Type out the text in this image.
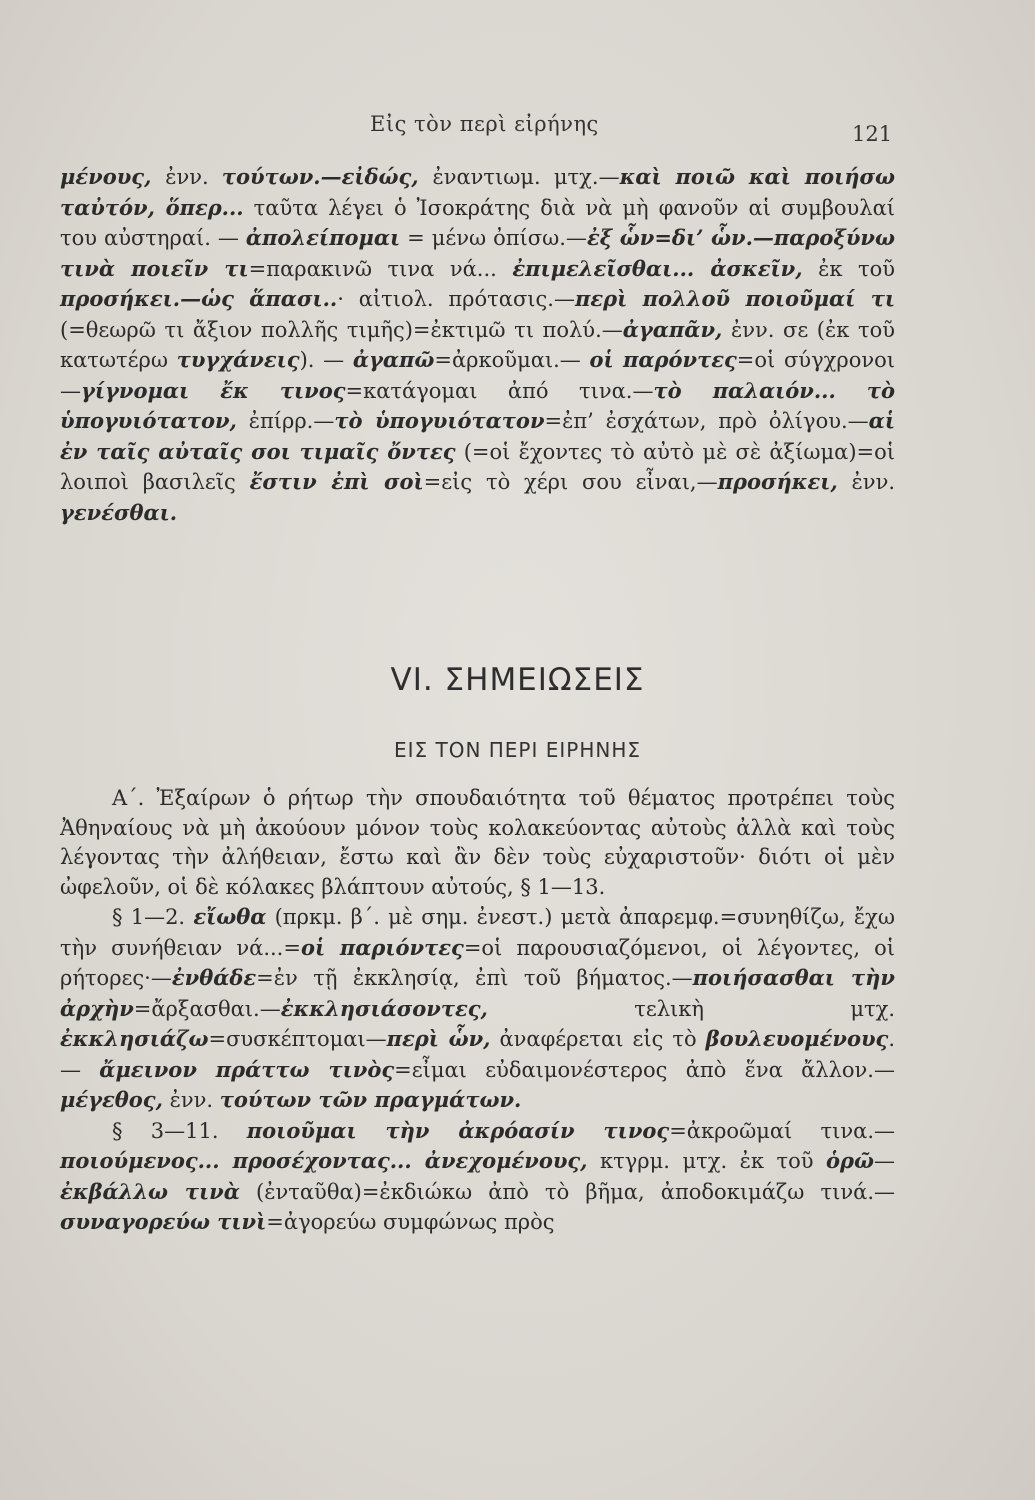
Εἰς τὸν περὶ εἰρήνης	121

μένους, ἐνν. τούτων.—εἰδώς, ἐναντιωμ. μτχ.—καὶ ποιῶ καὶ ποιήσω ταὐτόν, ὅπερ... ταῦτα λέγει ὁ Ἰσοκράτης διὰ νὰ μὴ φανοῦν αἱ συμβουλαί του αὐστηραί. — ἀπολείπομαι = μένω ὀπίσω.—ἐξ ὧν=δι’ ὧν.—παροξύνω τινὰ ποιεῖν τι=παρακινῶ τινα νά... ἐπιμελεῖσθαι... ἀσκεῖν, ἐκ τοῦ προσήκει.—ὡς ἅπασι..· αἰτιολ. πρότασις.—περὶ πολλοῦ ποιοῦμαί τι (=θεωρῶ τι ἄξιον πολλῆς τιμῆς)=ἐκτιμῶ τι πολύ.—ἀγαπᾶν, ἐνν. σε (ἐκ τοῦ κατωτέρω τυγχάνεις). — ἀγαπῶ=ἀρκοῦμαι.— οἱ παρόντες=οἱ σύγχρονοι—γίγνομαι ἔκ τινος=κατάγομαι ἀπό τινα.—τὸ παλαιόν... τὸ ὑπογυιότατον, ἐπίρρ.—τὸ ὑπογυιότατον=ἐπ’ ἐσχάτων, πρὸ ὀλίγου.—αἱ ἐν ταῖς αὐταῖς σοι τιμαῖς ὄντες (=οἱ ἔχοντες τὸ αὐτὸ μὲ σὲ ἀξίωμα)=οἱ λοιποὶ βασιλεῖς ἔστιν ἐπὶ σοὶ=εἰς τὸ χέρι σου εἶναι,—προσήκει, ἐνν. γενέσθαι.

VI. ΣΗΜΕΙΩΣΕΙΣ
ΕΙΣ ΤΟΝ ΠΕΡΙ ΕΙΡΗΝΗΣ

Α΄. Ἐξαίρων ὁ ρήτωρ τὴν σπουδαιότητα τοῦ θέματος προτρέπει τοὺς Ἀθηναίους νὰ μὴ ἀκούουν μόνον τοὺς κολακεύοντας αὐτοὺς ἀλλὰ καὶ τοὺς λέγοντας τὴν ἀλήθειαν, ἔστω καὶ ἂν δὲν τοὺς εὐχαριστοῦν· διότι οἱ μὲν ὠφελοῦν, οἱ δὲ κόλακες βλάπτουν αὐτούς, § 1—13.

§ 1—2. εἴωθα (πρκμ. β΄. μὲ σημ. ἐνεστ.) μετὰ ἀπαρεμφ.=συνηθίζω, ἔχω τὴν συνήθειαν νά...=οἱ παριόντες=οἱ παρουσιαζόμενοι, οἱ λέγοντες, οἱ ρήτορες·—ἐνθάδε=ἐν τῇ ἐκκλησίᾳ, ἐπὶ τοῦ βήματος.—ποιήσασθαι τὴν ἀρχὴν=ἄρξασθαι.—ἐκκλησιάσοντες, τελικὴ μτχ. ἐκκλησιάζω=συσκέπτομαι—περὶ ὧν, ἀναφέρεται εἰς τὸ βουλευομένους.— ἄμεινον πράττω τινὸς=εἶμαι εὐδαιμονέστερος ἀπὸ ἕνα ἄλλον.—μέγεθος, ἐνν. τούτων τῶν πραγμάτων.

§ 3—11. ποιοῦμαι τὴν ἀκρόασίν τινος=ἀκροῶμαί τινα.—ποιούμενος... προσέχοντας... ἀνεχομένους, κτγρμ. μτχ. ἐκ τοῦ ὁρῶ—ἐκβάλλω τινὰ (ἐνταῦθα)=ἐκδιώκω ἀπὸ τὸ βῆμα, ἀποδοκιμάζω τινά.—συναγορεύω τινὶ=ἀγορεύω συμφώνως πρὸς
